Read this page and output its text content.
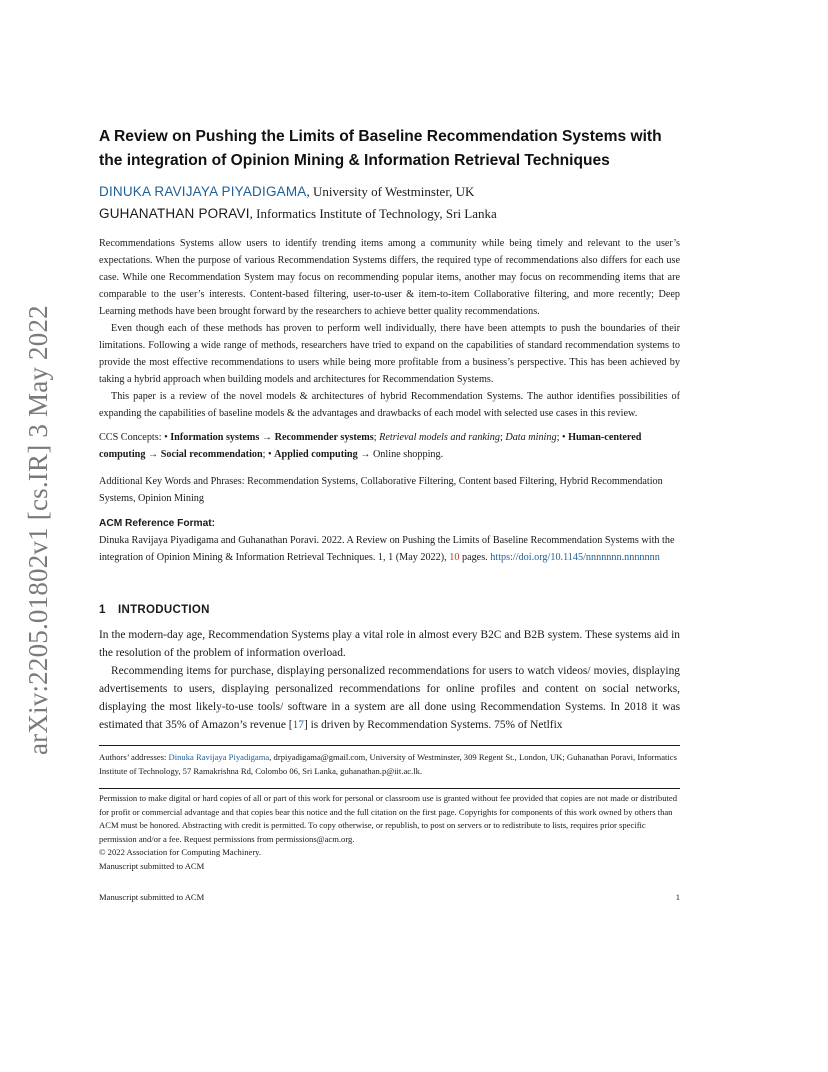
arXiv:2205.01802v1 [cs.IR] 3 May 2022
A Review on Pushing the Limits of Baseline Recommendation Systems with
the integration of Opinion Mining & Information Retrieval Techniques
DINUKA RAVIJAYA PIYADIGAMA, University of Westminster, UK
GUHANATHAN PORAVI, Informatics Institute of Technology, Sri Lanka

Recommendations Systems allow users to identify trending items among a community while being timely and relevant to the user’s expectations. When the purpose of various Recommendation Systems differs, the required type of recommendations also differs for each use case. While one Recommendation System may focus on recommending popular items, another may focus on recommending items that are comparable to the user’s interests. Content-based filtering, user-to-user & item-to-item Collaborative filtering, and more recently; Deep Learning methods have been brought forward by the researchers to achieve better quality recommendations.

Even though each of these methods has proven to perform well individually, there have been attempts to push the boundaries of their limitations. Following a wide range of methods, researchers have tried to expand on the capabilities of standard recommendation systems to provide the most effective recommendations to users while being more profitable from a business’s perspective. This has been achieved by taking a hybrid approach when building models and architectures for Recommendation Systems.

This paper is a review of the novel models & architectures of hybrid Recommendation Systems. The author identifies possibilities of expanding the capabilities of baseline models & the advantages and drawbacks of each model with selected use cases in this review.

CCS Concepts: • Information systems → Recommender systems; Retrieval models and ranking; Data mining; • Human-centered computing → Social recommendation; • Applied computing → Online shopping.
Additional Key Words and Phrases: Recommendation Systems, Collaborative Filtering, Content based Filtering, Hybrid Recommendation Systems, Opinion Mining
ACM Reference Format:
Dinuka Ravijaya Piyadigama and Guhanathan Poravi. 2022. A Review on Pushing the Limits of Baseline Recommendation Systems with the integration of Opinion Mining & Information Retrieval Techniques. 1, 1 (May 2022), 10 pages. https://doi.org/10.1145/nnnnnnn.nnnnnnn
1 INTRODUCTION

In the modern-day age, Recommendation Systems play a vital role in almost every B2C and B2B system. These systems aid in the resolution of the problem of information overload.

Recommending items for purchase, displaying personalized recommendations for users to watch videos/ movies, displaying advertisements to users, displaying personalized recommendations for online profiles and content on social networks, displaying the most likely-to-use tools/ software in a system are all done using Recommendation Systems. In 2018 it was estimated that 35% of Amazon’s revenue [17] is driven by Recommendation Systems. 75% of Netlfix

Authors’ addresses: Dinuka Ravijaya Piyadigama, drpiyadigama@gmail.com, University of Westminster, 309 Regent St., London, UK; Guhanathan Poravi, Informatics Institute of Technology, 57 Ramakrishna Rd, Colombo 06, Sri Lanka, guhanathan.p@iit.ac.lk.

Permission to make digital or hard copies of all or part of this work for personal or classroom use is granted without fee provided that copies are not made or distributed for profit or commercial advantage and that copies bear this notice and the full citation on the first page. Copyrights for components of this work owned by others than ACM must be honored. Abstracting with credit is permitted. To copy otherwise, or republish, to post on servers or to redistribute to lists, requires prior specific permission and/or a fee. Request permissions from permissions@acm.org.

© 2022 Association for Computing Machinery.

Manuscript submitted to ACM

Manuscript submitted to ACM	1
